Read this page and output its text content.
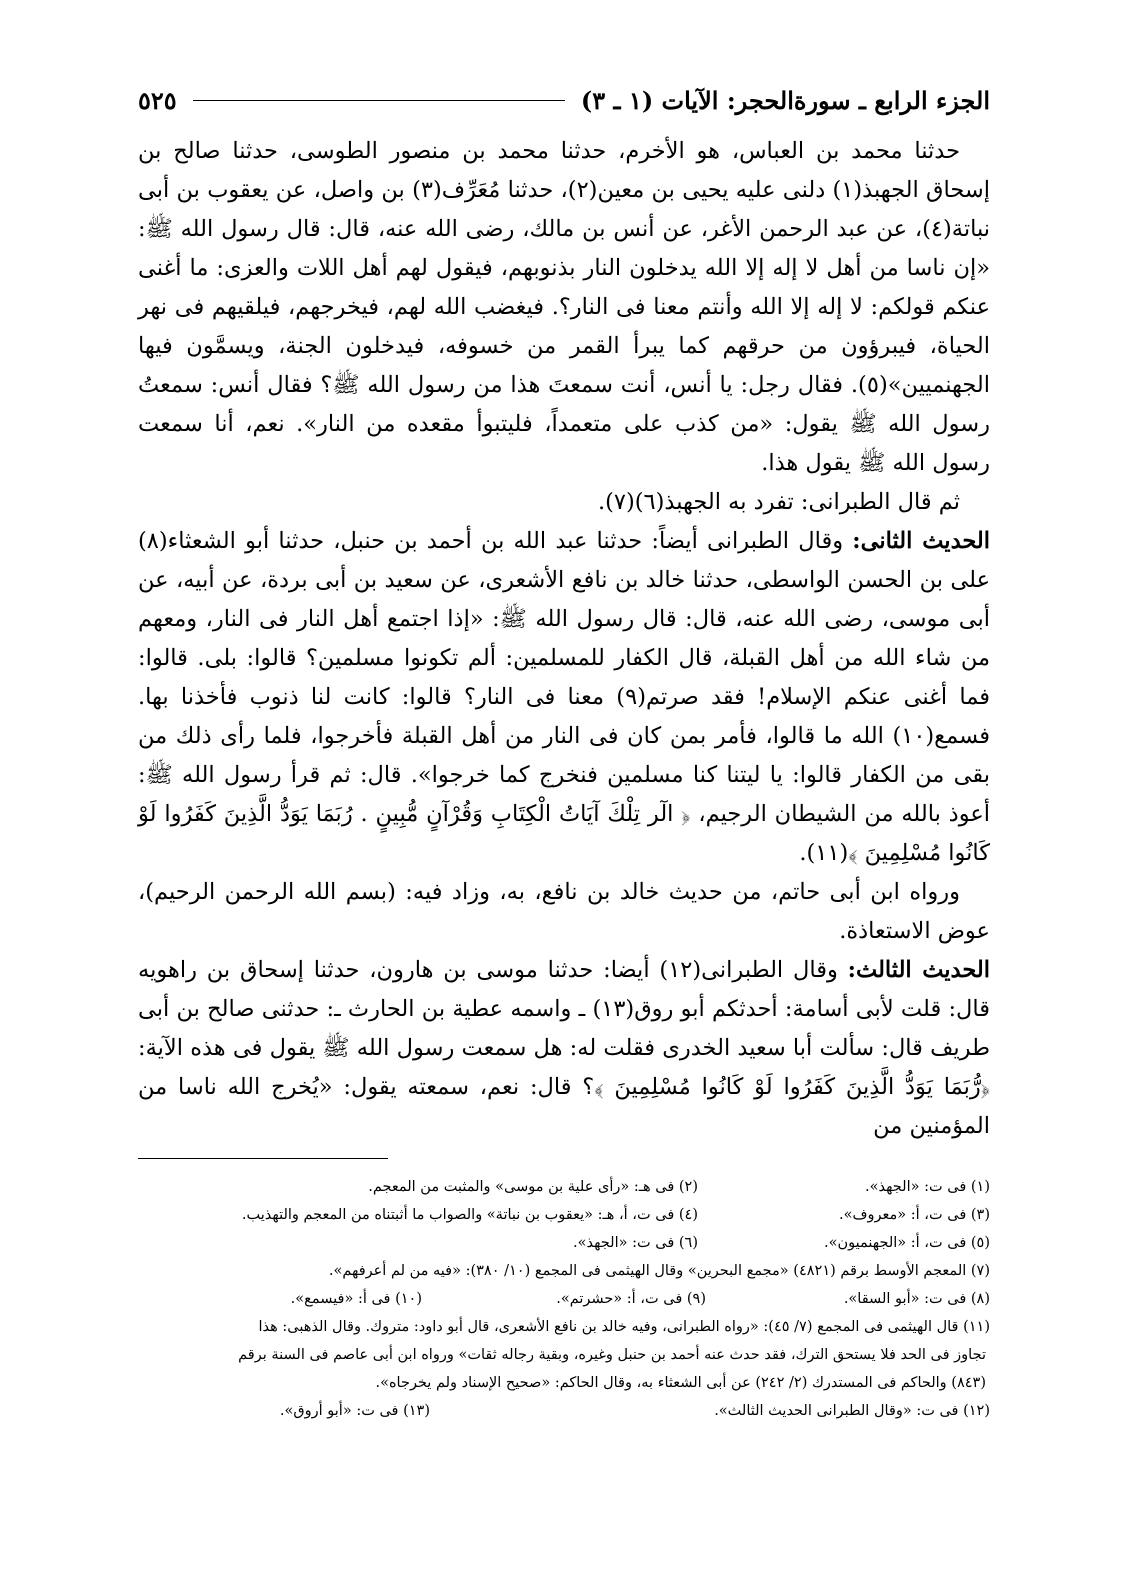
الجزء الرابع ـ سورةالحجر: الآيات (١ ـ ٣)
٥٢٥

حدثنا محمد بن العباس، هو الأخرم، حدثنا محمد بن منصور الطوسى، حدثنا صالح بن إسحاق الجهبذ(١) دلنى عليه يحيى بن معين(٢)، حدثنا مُعَرِّف(٣) بن واصل، عن يعقوب بن أبى نباتة(٤)، عن عبد الرحمن الأغر، عن أنس بن مالك، رضى الله عنه، قال: قال رسول الله ﷺ: «إن ناسا من أهل لا إله إلا الله يدخلون النار بذنوبهم، فيقول لهم أهل اللات والعزى: ما أغنى عنكم قولكم: لا إله إلا الله وأنتم معنا فى النار؟. فيغضب الله لهم، فيخرجهم، فيلقيهم فى نهر الحياة، فيبرؤون من حرقهم كما يبرأ القمر من خسوفه، فيدخلون الجنة، ويسمَّون فيها الجهنميين»(٥). فقال رجل: يا أنس، أنت سمعتَ هذا من رسول الله ﷺ؟ فقال أنس: سمعتُ رسول الله ﷺ يقول: «من كذب على متعمداً، فليتبوأ مقعده من النار». نعم، أنا سمعت رسول الله ﷺ يقول هذا.

ثم قال الطبرانى: تفرد به الجهبذ(٦)(٧).

الحديث الثانى: وقال الطبرانى أيضاً: حدثنا عبد الله بن أحمد بن حنبل، حدثنا أبو الشعثاء(٨) على بن الحسن الواسطى، حدثنا خالد بن نافع الأشعرى، عن سعيد بن أبى بردة، عن أبيه، عن أبى موسى، رضى الله عنه، قال: قال رسول الله ﷺ: «إذا اجتمع أهل النار فى النار، ومعهم من شاء الله من أهل القبلة، قال الكفار للمسلمين: ألم تكونوا مسلمين؟ قالوا: بلى. قالوا: فما أغنى عنكم الإسلام! فقد صرتم(٩) معنا فى النار؟ قالوا: كانت لنا ذنوب فأخذنا بها. فسمع(١٠) الله ما قالوا، فأمر بمن كان فى النار من أهل القبلة فأخرجوا، فلما رأى ذلك من بقى من الكفار قالوا: يا ليتنا كنا مسلمين فنخرج كما خرجوا». قال: ثم قرأ رسول الله ﷺ: أعوذ بالله من الشيطان الرجيم، ﴿ الٓر تِلْكَ آيَاتُ الْكِتَابِ وَقُرْآنٍ مُّبِينٍ . رُبَمَا يَوَدُّ الَّذِينَ كَفَرُوا لَوْ كَانُوا مُسْلِمِينَ ﴾(١١).

ورواه ابن أبى حاتم، من حديث خالد بن نافع، به، وزاد فيه: (بسم الله الرحمن الرحيم)، عوض الاستعاذة.

الحديث الثالث: وقال الطبرانى(١٢) أيضا: حدثنا موسى بن هارون، حدثنا إسحاق بن راهويه قال: قلت لأبى أسامة: أحدثكم أبو روق(١٣) ـ واسمه عطية بن الحارث ـ: حدثنى صالح بن أبى طريف قال: سألت أبا سعيد الخدرى فقلت له: هل سمعت رسول الله ﷺ يقول فى هذه الآية: ﴿رُّبَمَا يَوَدُّ الَّذِينَ كَفَرُوا لَوْ كَانُوا مُسْلِمِينَ ﴾؟ قال: نعم، سمعته يقول: «يُخرج الله ناسا من المؤمنين من

(١) فى ت: «الجهذ».
(٢) فى هـ: «رأى علية بن موسى» والمثبت من المعجم.
(٣) فى ت، أ: «معروف».
(٤) فى ت، أ، هـ: «يعقوب بن نباتة» والصواب ما أثبتناه من المعجم والتهذيب.
(٥) فى ت، أ: «الجهنميون».
(٦) فى ت: «الجهذ».
(٧) المعجم الأوسط برقم (٤٨٢١) «مجمع البحرين» وقال الهيثمى فى المجمع (١٠/ ٣٨٠): «فيه من لم أعرفهم».
(٨) فى ت: «أبو السقا».
(٩) فى ت، أ: «حشرتم».
(١٠) فى أ: «فيسمع».
(١١) قال الهيثمى فى المجمع (٧/ ٤٥): «رواه الطبرانى، وفيه خالد بن نافع الأشعرى، قال أبو داود: متروك. وقال الذهبى: هذا
تجاوز فى الحد فلا يستحق الترك، فقد حدث عنه أحمد بن حنبل وغيره، وبقية رجاله ثقات» ورواه ابن أبى عاصم فى السنة برقم
(٨٤٣) والحاكم فى المستدرك (٢/ ٢٤٢) عن أبى الشعثاء به، وقال الحاكم: «صحيح الإسناد ولم يخرجاه».
(١٢) فى ت: «وقال الطبرانى الحديث الثالث».
(١٣) فى ت: «أبو أروق».
